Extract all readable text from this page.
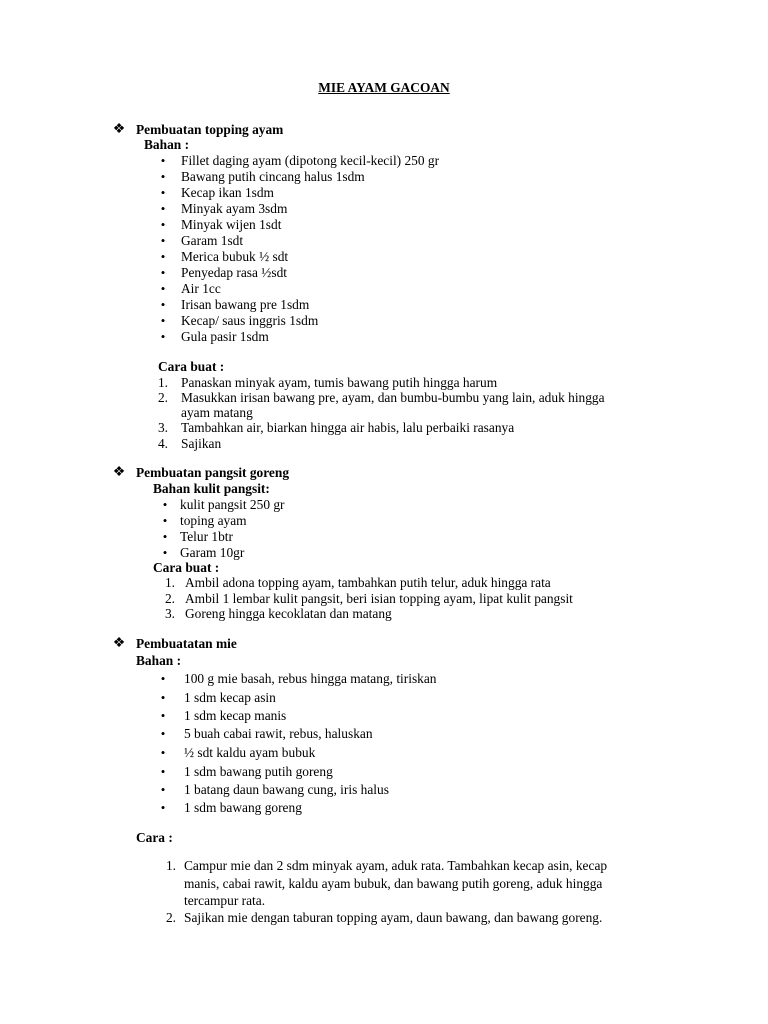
MIE AYAM GACOAN
❖ Pembuatan topping ayam
Bahan :
• Fillet daging ayam (dipotong kecil-kecil) 250 gr
• Bawang putih cincang halus 1sdm
• Kecap ikan 1sdm
• Minyak ayam 3sdm
• Minyak wijen 1sdt
• Garam 1sdt
• Merica bubuk ½ sdt
• Penyedap rasa ½sdt
• Air 1cc
• Irisan bawang pre 1sdm
• Kecap/ saus inggris 1sdm
• Gula pasir 1sdm
Cara buat :
1. Panaskan minyak ayam, tumis bawang putih hingga harum
2. Masukkan irisan bawang pre, ayam, dan bumbu-bumbu yang lain, aduk hingga
ayam matang
3. Tambahkan air, biarkan hingga air habis, lalu perbaiki rasanya
4. Sajikan
❖ Pembuatan pangsit goreng
Bahan kulit pangsit:
• kulit pangsit 250 gr
• toping ayam
• Telur 1btr
• Garam 10gr
Cara buat :
1. Ambil adona topping ayam, tambahkan putih telur, aduk hingga rata
2. Ambil 1 lembar kulit pangsit, beri isian topping ayam, lipat kulit pangsit
3. Goreng hingga kecoklatan dan matang
❖ Pembuatatan mie
Bahan :
• 100 g mie basah, rebus hingga matang, tiriskan
• 1 sdm kecap asin
• 1 sdm kecap manis
• 5 buah cabai rawit, rebus, haluskan
• ½ sdt kaldu ayam bubuk
• 1 sdm bawang putih goreng
• 1 batang daun bawang cung, iris halus
• 1 sdm bawang goreng
Cara :
1. Campur mie dan 2 sdm minyak ayam, aduk rata. Tambahkan kecap asin, kecap
manis, cabai rawit, kaldu ayam bubuk, dan bawang putih goreng, aduk hingga
tercampur rata.
2. Sajikan mie dengan taburan topping ayam, daun bawang, dan bawang goreng.
